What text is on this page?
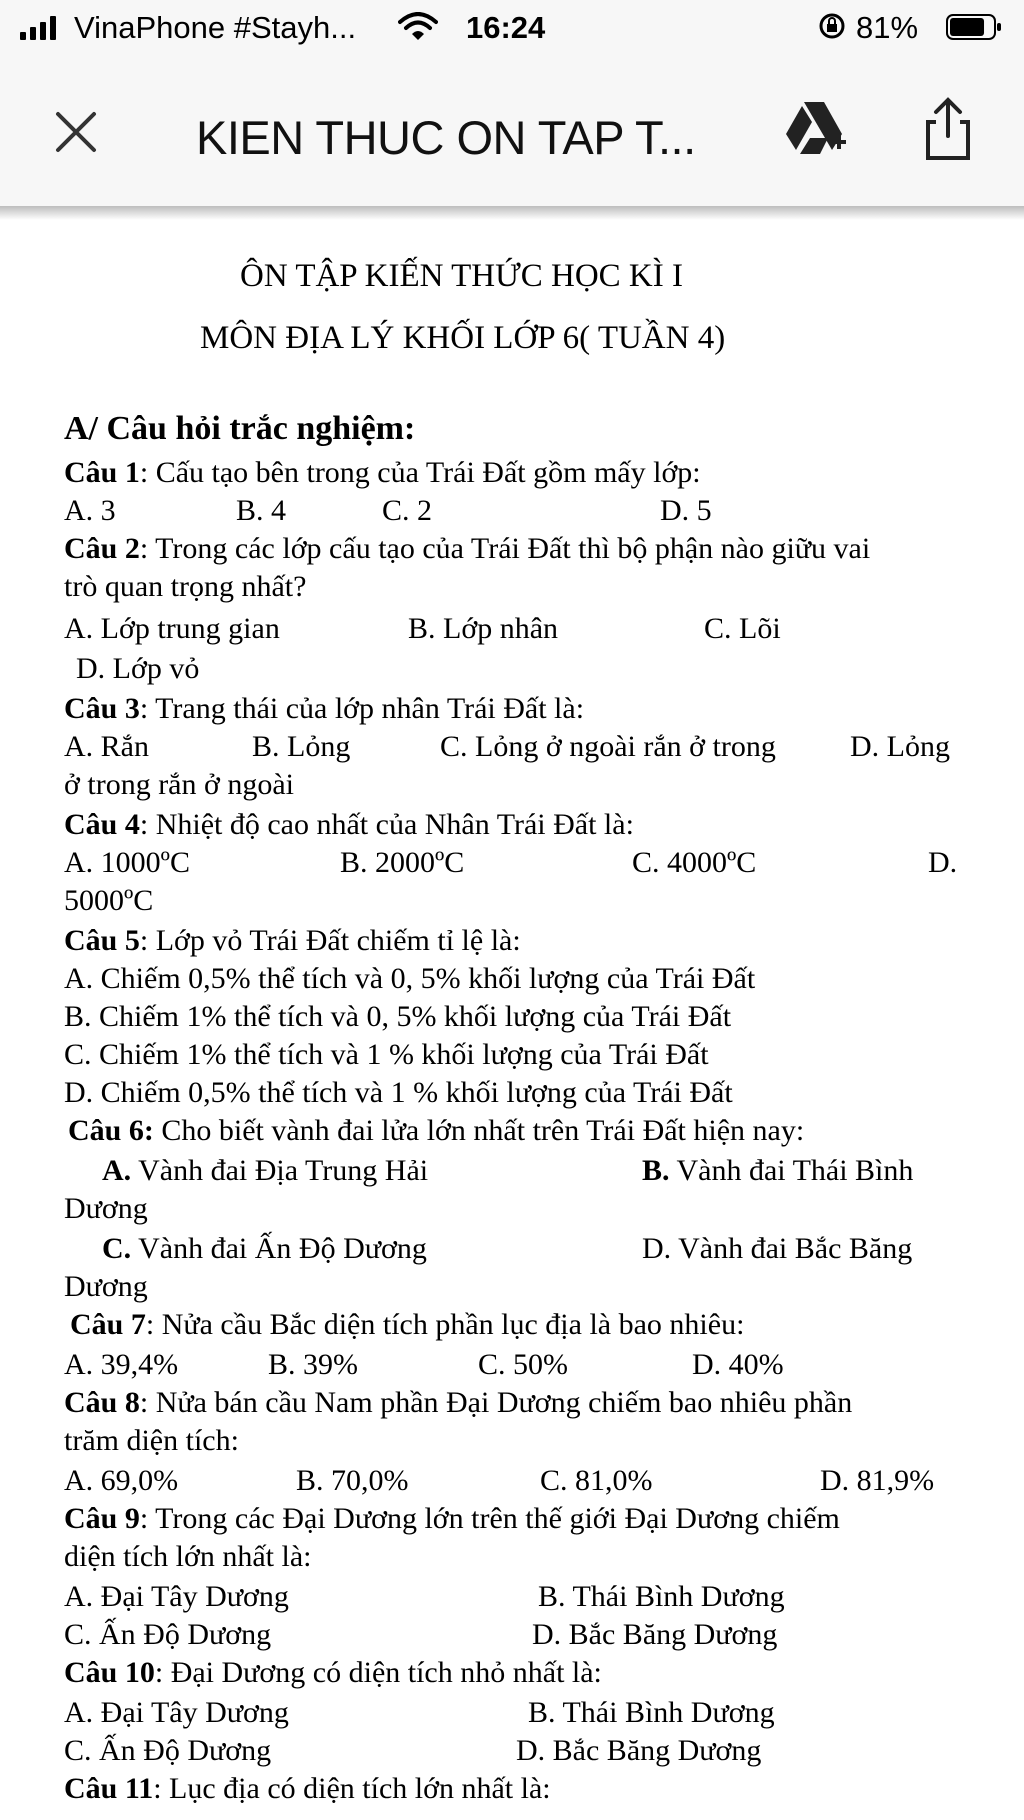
VinaPhone #Stayh...	16:24	81%
KIEN THUC ON TAP T...
ÔN TẬP KIẾN THỨC HỌC KÌ I
MÔN ĐỊA LÝ KHỐI LỚP 6( TUẦN 4)
A/ Câu hỏi trắc nghiệm:
Câu 1: Cấu tạo bên trong của Trái Đất gồm mấy lớp:
A. 3	B. 4	C. 2	D. 5
Câu 2: Trong các lớp cấu tạo của Trái Đất thì bộ phận nào giữu vai
trò quan trọng nhất?
A. Lớp trung gian	B. Lớp nhân	C. Lõi
D. Lớp vỏ
Câu 3: Trang thái của lớp nhân Trái Đất là:
A. Rắn	B. Lỏng	C. Lỏng ở ngoài rắn ở trong D. Lỏng
ở trong rắn ở ngoài
Câu 4: Nhiệt độ cao nhất của Nhân Trái Đất là:
A. 1000ºC	B. 2000ºC	C. 4000ºC	D.
5000ºC
Câu 5: Lớp vỏ Trái Đất chiếm tỉ lệ là:
A. Chiếm 0,5% thể tích và 0, 5% khối lượng của Trái Đất
B. Chiếm 1% thể tích và 0, 5% khối lượng của Trái Đất
C. Chiếm 1% thể tích và 1 % khối lượng của Trái Đất
D. Chiếm 0,5% thể tích và 1 % khối lượng của Trái Đất
Câu 6: Cho biết vành đai lửa lớn nhất trên Trái Đất hiện nay:
A. Vành đai Địa Trung Hải	B. Vành đai Thái Bình
Dương
C. Vành đai Ấn Độ Dương	D. Vành đai Bắc Băng
Dương
Câu 7: Nửa cầu Bắc diện tích phần lục địa là bao nhiêu:
A. 39,4%	B. 39%	C. 50%	D. 40%
Câu 8: Nửa bán cầu Nam phần Đại Dương chiếm bao nhiêu phần
trăm diện tích:
A. 69,0%	B. 70,0%	C. 81,0%	D. 81,9%
Câu 9: Trong các Đại Dương lớn trên thế giới Đại Dương chiếm
diện tích lớn nhất là:
A. Đại Tây Dương	B. Thái Bình Dương
C. Ấn Độ Dương	D. Bắc Băng Dương
Câu 10: Đại Dương có diện tích nhỏ nhất là:
A. Đại Tây Dương	B. Thái Bình Dương
C. Ấn Độ Dương	D. Bắc Băng Dương
Câu 11: Lục địa có diện tích lớn nhất là:
